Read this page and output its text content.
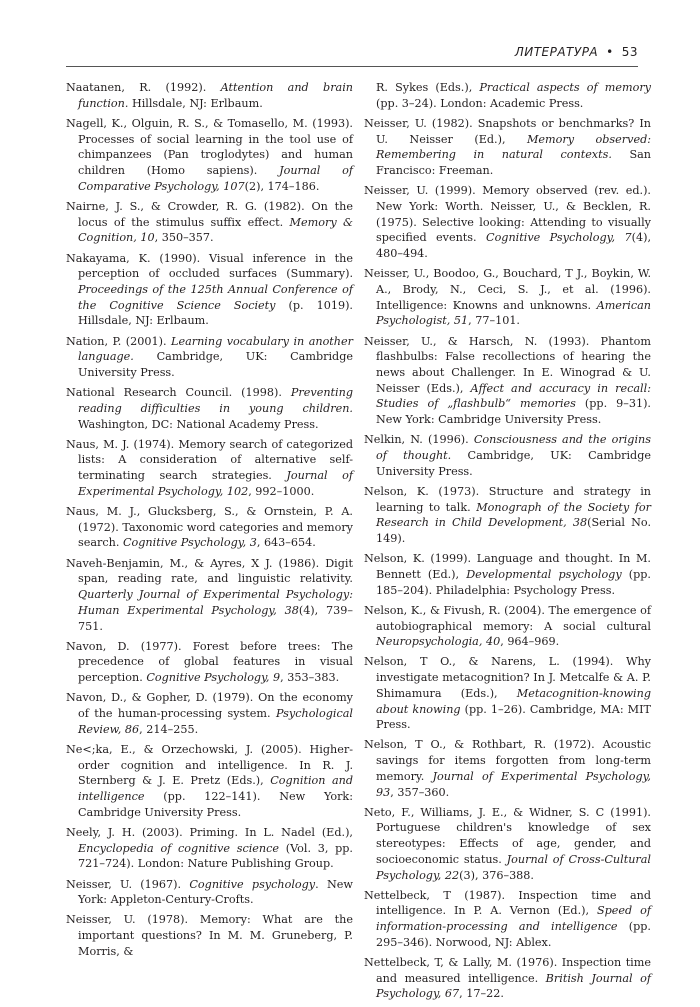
ЛИТЕРАТУРА • 53

Naatanen, R. (1992). Attention and brain function. Hillsdale, NJ: Erlbaum.

Nagell, K., Olguin, R. S., & Tomasello, M. (1993). Processes of social learning in the tool use of chimpanzees (Pan troglodytes) and human children (Homo sapiens). Journal of Comparative Psychology, 107(2), 174–186.

Nairne, J. S., & Crowder, R. G. (1982). On the locus of the stimulus suffix effect. Memory & Cognition, 10, 350–357.

Nakayama, K. (1990). Visual inference in the perception of occluded surfaces (Summary). Proceedings of the 125th Annual Conference of the Cognitive Science Society (p. 1019). Hillsdale, NJ: Erlbaum.

Nation, P. (2001). Learning vocabulary in another language. Cambridge, UK: Cambridge University Press.

National Research Council. (1998). Preventing reading difficulties in young children. Washington, DC: National Academy Press.

Naus, M. J. (1974). Memory search of categorized lists: A consideration of alternative self-terminating search strategies. Journal of Experimental Psychology, 102, 992–1000.

Naus, M. J., Glucksberg, S., & Ornstein, P. A. (1972). Taxonomic word categories and memory search. Cognitive Psychology, 3, 643–654.

Naveh-Benjamin, M., & Ayres, X J. (1986). Digit span, reading rate, and linguistic relativity. Quarterly Journal of Experimental Psychology: Human Experimental Psychology, 38(4), 739–751.

Navon, D. (1977). Forest before trees: The precedence of global features in visual perception. Cognitive Psychology, 9, 353–383.

Navon, D., & Gopher, D. (1979). On the economy of the human-processing system. Psychological Review, 86, 214–255.

Ne<;ka, E., & Orzechowski, J. (2005). Higher-order cognition and intelligence. In R. J. Sternberg & J. E. Pretz (Eds.), Cognition and intelligence (pp. 122–141). New York: Cambridge University Press.

Neely, J. H. (2003). Priming. In L. Nadel (Ed.), Encyclopedia of cognitive science (Vol. 3, pp. 721–724). London: Nature Publishing Group.

Neisser, U. (1967). Cognitive psychology. New York: Appleton-Century-Crofts.

Neisser, U. (1978). Memory: What are the important questions? In M. M. Gruneberg, P. Morris, &

R. Sykes (Eds.), Practical aspects of memory (pp. 3–24). London: Academic Press.

Neisser, U. (1982). Snapshots or benchmarks? In U. Neisser (Ed.), Memory observed: Remembering in natural contexts. San Francisco: Freeman.

Neisser, U. (1999). Memory observed (rev. ed.). New York: Worth. Neisser, U., & Becklen, R. (1975). Selective looking: Attending to visually specified events. Cognitive Psychology, 7(4), 480–494.

Neisser, U., Boodoo, G., Bouchard, T J., Boykin, W. A., Brody, N., Ceci, S. J., et al. (1996). Intelligence: Knowns and unknowns. American Psychologist, 51, 77–101.

Neisser, U., & Harsch, N. (1993). Phantom flashbulbs: False recollections of hearing the news about Challenger. In E. Winograd & U. Neisser (Eds.), Affect and accuracy in recall: Studies of „flashbulb“ memories (pp. 9–31). New York: Cambridge University Press.

Nelkin, N. (1996). Consciousness and the origins of thought. Cambridge, UK: Cambridge University Press.

Nelson, K. (1973). Structure and strategy in learning to talk. Monograph of the Society for Research in Child Development, 38(Serial No. 149).

Nelson, K. (1999). Language and thought. In M. Bennett (Ed.), Developmental psychology (pp. 185–204). Philadelphia: Psychology Press.

Nelson, K., & Fivush, R. (2004). The emergence of autobiographical memory: A social cultural Neuropsychologia, 40, 964–969.

Nelson, T O., & Narens, L. (1994). Why investigate metacognition? In J. Metcalfe & A. P. Shimamura (Eds.), Metacognition-knowing about knowing (pp. 1–26). Cambridge, MA: MIT Press.

Nelson, T O., & Rothbart, R. (1972). Acoustic savings for items forgotten from long-term memory. Journal of Experimental Psychology, 93, 357–360.

Neto, F., Williams, J. E., & Widner, S. C (1991). Portuguese children's knowledge of sex stereotypes: Effects of age, gender, and socioeconomic status. Journal of Cross-Cultural Psychology, 22(3), 376–388.

Nettelbeck, T (1987). Inspection time and intelligence. In P. A. Vernon (Ed.), Speed of information-processing and intelligence (pp. 295–346). Norwood, NJ: Ablex.

Nettelbeck, T, & Lally, M. (1976). Inspection time and measured intelligence. British Journal of Psychology, 67, 17–22.
